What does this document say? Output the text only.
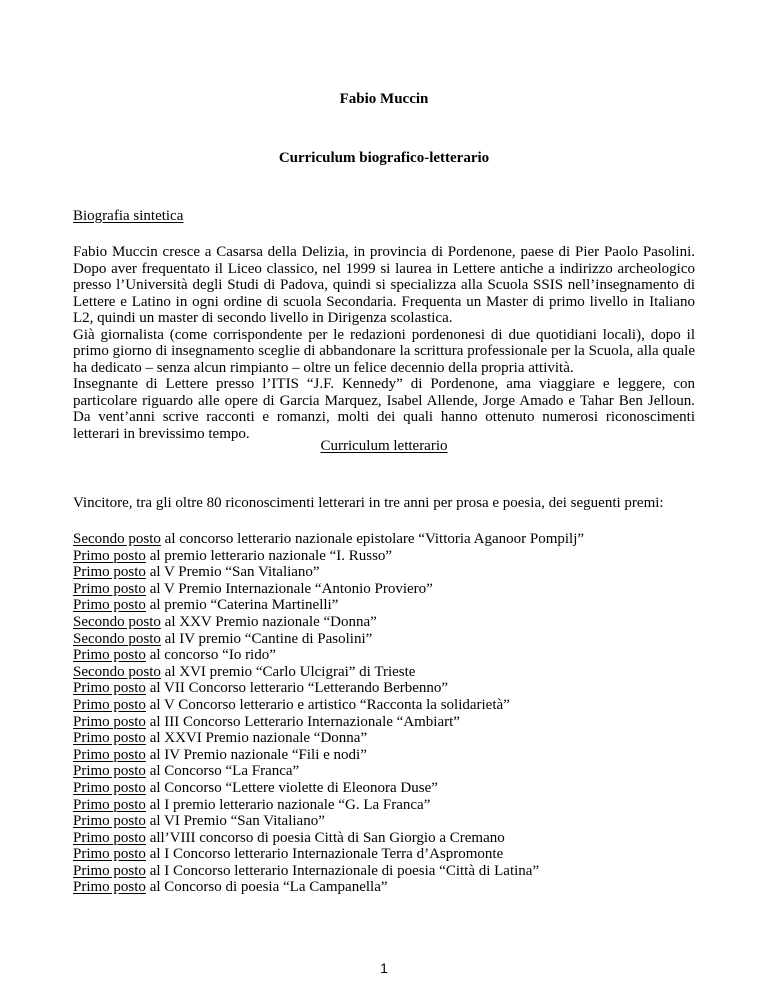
Fabio Muccin
Curriculum biografico-letterario
Biografia sintetica

Fabio Muccin cresce a Casarsa della Delizia, in provincia di Pordenone, paese di Pier Paolo Pasolini. Dopo aver frequentato il Liceo classico, nel 1999 si laurea in Lettere antiche a indirizzo archeologico presso l’Università degli Studi di Padova, quindi si specializza alla Scuola SSIS nell’insegnamento di Lettere e Latino in ogni ordine di scuola Secondaria. Frequenta un Master di primo livello in Italiano L2, quindi un master di secondo livello in Dirigenza scolastica.

Già giornalista (come corrispondente per le redazioni pordenonesi di due quotidiani locali), dopo il primo giorno di insegnamento sceglie di abbandonare la scrittura professionale per la Scuola, alla quale ha dedicato – senza alcun rimpianto – oltre un felice decennio della propria attività.

Insegnante di Lettere presso l’ITIS “J.F. Kennedy” di Pordenone, ama viaggiare e leggere, con particolare riguardo alle opere di Garcia Marquez, Isabel Allende, Jorge Amado e Tahar Ben Jelloun. Da vent’anni scrive racconti e romanzi, molti dei quali hanno ottenuto numerosi riconoscimenti letterari in brevissimo tempo.

Curriculum letterario
Vincitore, tra gli oltre 80 riconoscimenti letterari in tre anni per prosa e poesia, dei seguenti premi:
Secondo posto al concorso letterario nazionale epistolare “Vittoria Aganoor Pompilj”
Primo posto al premio letterario nazionale “I. Russo”
Primo posto al V Premio “San Vitaliano”
Primo posto al V Premio Internazionale “Antonio Proviero”
Primo posto al premio “Caterina Martinelli”
Secondo posto al XXV Premio nazionale “Donna”
Secondo posto al IV premio “Cantine di Pasolini”
Primo posto al concorso “Io rido”
Secondo posto al XVI premio “Carlo Ulcigrai” di Trieste
Primo posto al VII Concorso letterario “Letterando Berbenno”
Primo posto al V Concorso letterario e artistico “Racconta la solidarietà”
Primo posto al III Concorso Letterario Internazionale “Ambiart”
Primo posto al XXVI Premio nazionale “Donna”
Primo posto al IV Premio nazionale “Fili e nodi”
Primo posto al Concorso “La Franca”
Primo posto al Concorso “Lettere violette di Eleonora Duse”
Primo posto al I premio letterario nazionale “G. La Franca”
Primo posto al VI Premio “San Vitaliano”
Primo posto all’VIII concorso di poesia Città di San Giorgio a Cremano
Primo posto al I Concorso letterario Internazionale Terra d’Aspromonte
Primo posto al I Concorso letterario Internazionale di poesia “Città di Latina”
Primo posto al Concorso di poesia “La Campanella”
1
